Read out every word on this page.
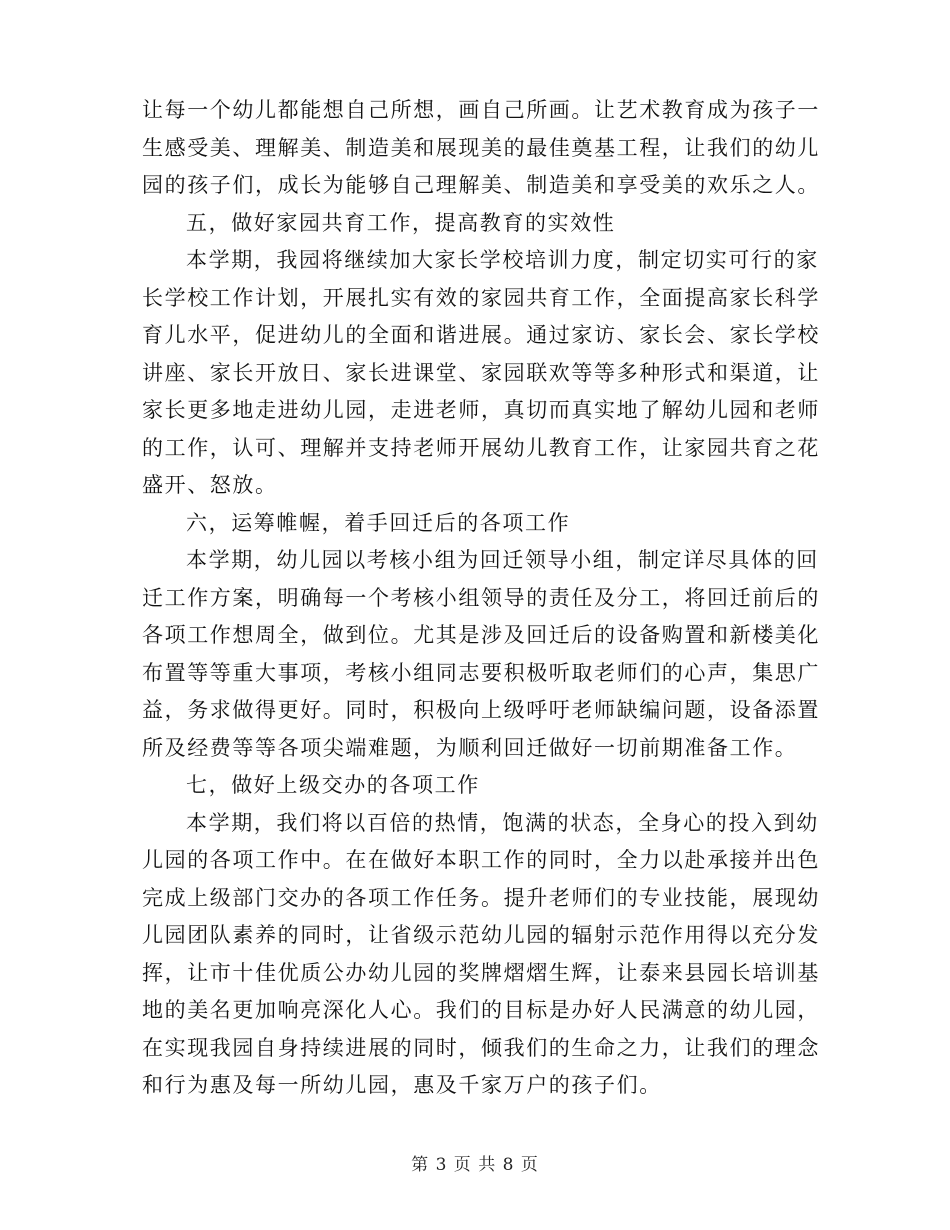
让每一个幼儿都能想自己所想，画自己所画。让艺术教育成为孩子一
生感受美、理解美、制造美和展现美的最佳奠基工程，让我们的幼儿
园的孩子们，成长为能够自己理解美、制造美和享受美的欢乐之人。
五，做好家园共育工作，提高教育的实效性
本学期，我园将继续加大家长学校培训力度，制定切实可行的家
长学校工作计划，开展扎实有效的家园共育工作，全面提高家长科学
育儿水平，促进幼儿的全面和谐进展。通过家访、家长会、家长学校
讲座、家长开放日、家长进课堂、家园联欢等等多种形式和渠道，让
家长更多地走进幼儿园，走进老师，真切而真实地了解幼儿园和老师
的工作，认可、理解并支持老师开展幼儿教育工作，让家园共育之花
盛开、怒放。
六，运筹帷幄，着手回迁后的各项工作
本学期，幼儿园以考核小组为回迁领导小组，制定详尽具体的回
迁工作方案，明确每一个考核小组领导的责任及分工，将回迁前后的
各项工作想周全，做到位。尤其是涉及回迁后的设备购置和新楼美化
布置等等重大事项，考核小组同志要积极听取老师们的心声，集思广
益，务求做得更好。同时，积极向上级呼吁老师缺编问题，设备添置
所及经费等等各项尖端难题，为顺利回迁做好一切前期准备工作。
七，做好上级交办的各项工作
本学期，我们将以百倍的热情，饱满的状态，全身心的投入到幼
儿园的各项工作中。在在做好本职工作的同时，全力以赴承接并出色
完成上级部门交办的各项工作任务。提升老师们的专业技能，展现幼
儿园团队素养的同时，让省级示范幼儿园的辐射示范作用得以充分发
挥，让市十佳优质公办幼儿园的奖牌熠熠生辉，让泰来县园长培训基
地的美名更加响亮深化人心。我们的目标是办好人民满意的幼儿园，
在实现我园自身持续进展的同时，倾我们的生命之力，让我们的理念
和行为惠及每一所幼儿园，惠及千家万户的孩子们。
第 3 页 共 8 页
